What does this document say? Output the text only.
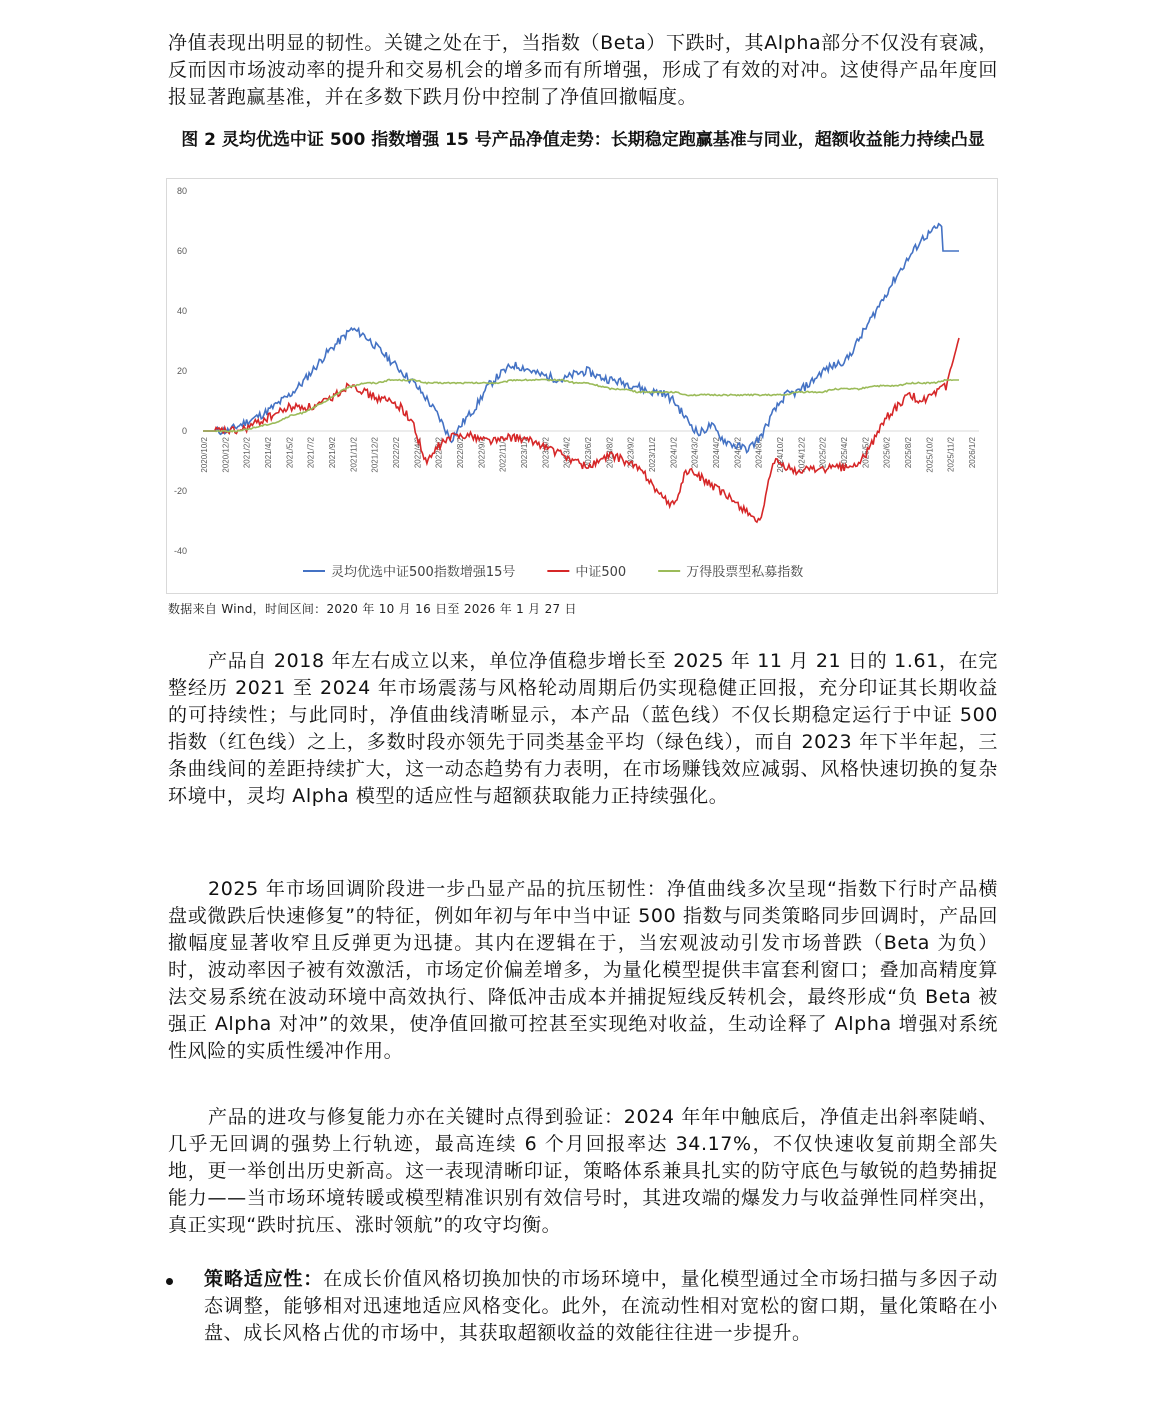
净值表现出明显的韧性。关键之处在于，当指数（Beta）下跌时，其Alpha部分不仅没有衰减，反而因市场波动率的提升和交易机会的增多而有所增强，形成了有效的对冲。这使得产品年度回报显著跑赢基准，并在多数下跌月份中控制了净值回撤幅度。
图 2 灵均优选中证 500 指数增强 15 号产品净值走势：长期稳定跑赢基准与同业，超额收益能力持续凸显
-40
-20
0
20
40
60
80
2020/10/2 2020/12/2 2021/2/2 2021/4/2 2021/5/2 2021/7/2 2021/9/2 2021/11/2 2021/12/2 2022/2/2 2022/4/2 2022/6/2 2022/8/2 2022/9/2 2022/11/2 2023/1/2 2023/3/2 2023/4/2 2023/6/2 2023/8/2 2023/9/2 2023/11/2 2024/1/2 2024/3/2 2024/4/2 2024/6/2 2024/8/2 2024/10/2 2024/12/2 2025/2/2 2025/4/2 2025/5/2 2025/6/2 2025/8/2 2025/10/2 2025/11/2 2026/1/2
灵均优选中证500指数增强15号	中证500	万得股票型私募指数
数据来自 Wind，时间区间：2020 年 10 月 16 日至 2026 年 1 月 27 日
产品自 2018 年左右成立以来，单位净值稳步增长至 2025 年 11 月 21 日的 1.61，在完整经历 2021 至 2024 年市场震荡与风格轮动周期后仍实现稳健正回报，充分印证其长期收益的可持续性；与此同时，净值曲线清晰显示，本产品（蓝色线）不仅长期稳定运行于中证 500 指数（红色线）之上，多数时段亦领先于同类基金平均（绿色线），而自 2023 年下半年起，三条曲线间的差距持续扩大，这一动态趋势有力表明，在市场赚钱效应减弱、风格快速切换的复杂环境中，灵均 Alpha 模型的适应性与超额获取能力正持续强化。
2025 年市场回调阶段进一步凸显产品的抗压韧性：净值曲线多次呈现“指数下行时产品横盘或微跌后快速修复”的特征，例如年初与年中当中证 500 指数与同类策略同步回调时，产品回撤幅度显著收窄且反弹更为迅捷。其内在逻辑在于，当宏观波动引发市场普跌（Beta 为负）时，波动率因子被有效激活，市场定价偏差增多，为量化模型提供丰富套利窗口；叠加高精度算法交易系统在波动环境中高效执行、降低冲击成本并捕捉短线反转机会，最终形成“负 Beta 被强正 Alpha 对冲”的效果，使净值回撤可控甚至实现绝对收益，生动诠释了 Alpha 增强对系统性风险的实质性缓冲作用。
产品的进攻与修复能力亦在关键时点得到验证：2024 年年中触底后，净值走出斜率陡峭、几乎无回调的强势上行轨迹，最高连续 6 个月回报率达 34.17%，不仅快速收复前期全部失地，更一举创出历史新高。这一表现清晰印证，策略体系兼具扎实的防守底色与敏锐的趋势捕捉能力——当市场环境转暖或模型精准识别有效信号时，其进攻端的爆发力与收益弹性同样突出，真正实现“跌时抗压、涨时领航”的攻守均衡。
策略适应性：在成长价值风格切换加快的市场环境中，量化模型通过全市场扫描与多因子动态调整，能够相对迅速地适应风格变化。此外，在流动性相对宽松的窗口期，量化策略在小盘、成长风格占优的市场中，其获取超额收益的效能往往进一步提升。
